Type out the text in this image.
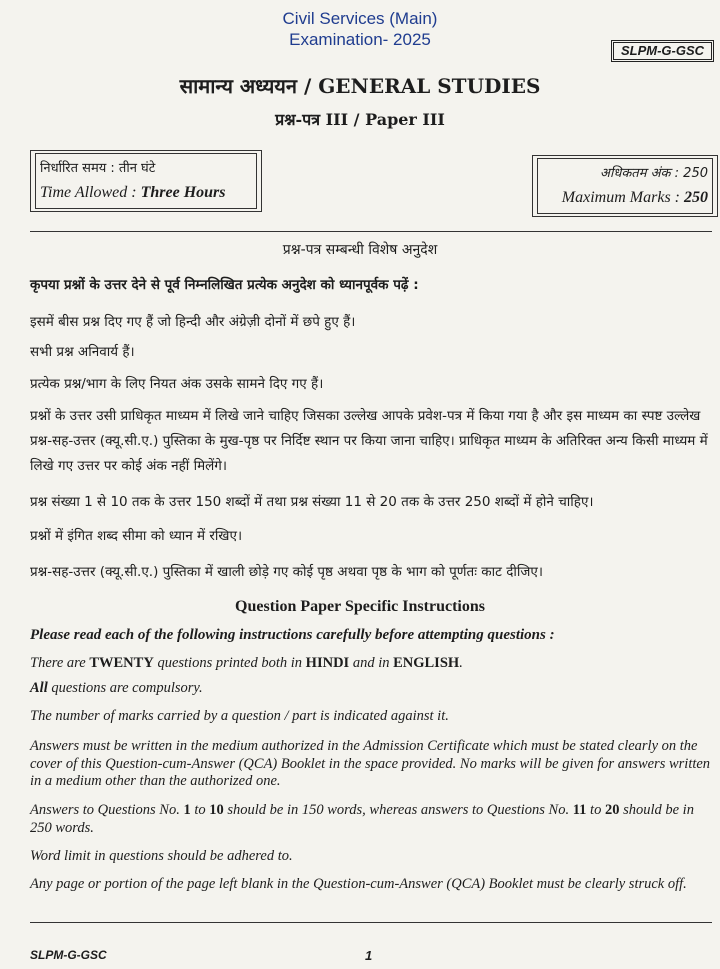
Civil Services (Main)
Examination- 2025
SLPM-G-GSC
सामान्य अध्ययन / GENERAL STUDIES
प्रश्न-पत्र III / Paper III
निर्धारित समय : तीन घंटे
Time Allowed : Three Hours
अधिकतम अंक : 250
Maximum Marks : 250
प्रश्न-पत्र सम्बन्धी विशेष अनुदेश
कृपया प्रश्नों के उत्तर देने से पूर्व निम्नलिखित प्रत्येक अनुदेश को ध्यानपूर्वक पढ़ें :
इसमें बीस प्रश्न दिए गए हैं जो हिन्दी और अंग्रेज़ी दोनों में छपे हुए हैं।
सभी प्रश्न अनिवार्य हैं।
प्रत्येक प्रश्न/भाग के लिए नियत अंक उसके सामने दिए गए हैं।
प्रश्नों के उत्तर उसी प्राधिकृत माध्यम में लिखे जाने चाहिए जिसका उल्लेख आपके प्रवेश-पत्र में किया गया है और इस माध्यम का स्पष्ट उल्लेख प्रश्न-सह-उत्तर (क्यू.सी.ए.) पुस्तिका के मुख-पृष्ठ पर निर्दिष्ट स्थान पर किया जाना चाहिए। प्राधिकृत माध्यम के अतिरिक्त अन्य किसी माध्यम में लिखे गए उत्तर पर कोई अंक नहीं मिलेंगे।
प्रश्न संख्या 1 से 10 तक के उत्तर 150 शब्दों में तथा प्रश्न संख्या 11 से 20 तक के उत्तर 250 शब्दों में होने चाहिए।
प्रश्नों में इंगित शब्द सीमा को ध्यान में रखिए।
प्रश्न-सह-उत्तर (क्यू.सी.ए.) पुस्तिका में खाली छोड़े गए कोई पृष्ठ अथवा पृष्ठ के भाग को पूर्णतः काट दीजिए।
Question Paper Specific Instructions
Please read each of the following instructions carefully before attempting questions :
There are TWENTY questions printed both in HINDI and in ENGLISH.
All questions are compulsory.
The number of marks carried by a question / part is indicated against it.
Answers must be written in the medium authorized in the Admission Certificate which must be stated clearly on the cover of this Question-cum-Answer (QCA) Booklet in the space provided. No marks will be given for answers written in a medium other than the authorized one.
Answers to Questions No. 1 to 10 should be in 150 words, whereas answers to Questions No. 11 to 20 should be in 250 words.
Word limit in questions should be adhered to.
Any page or portion of the page left blank in the Question-cum-Answer (QCA) Booklet must be clearly struck off.
SLPM-G-GSC	1
